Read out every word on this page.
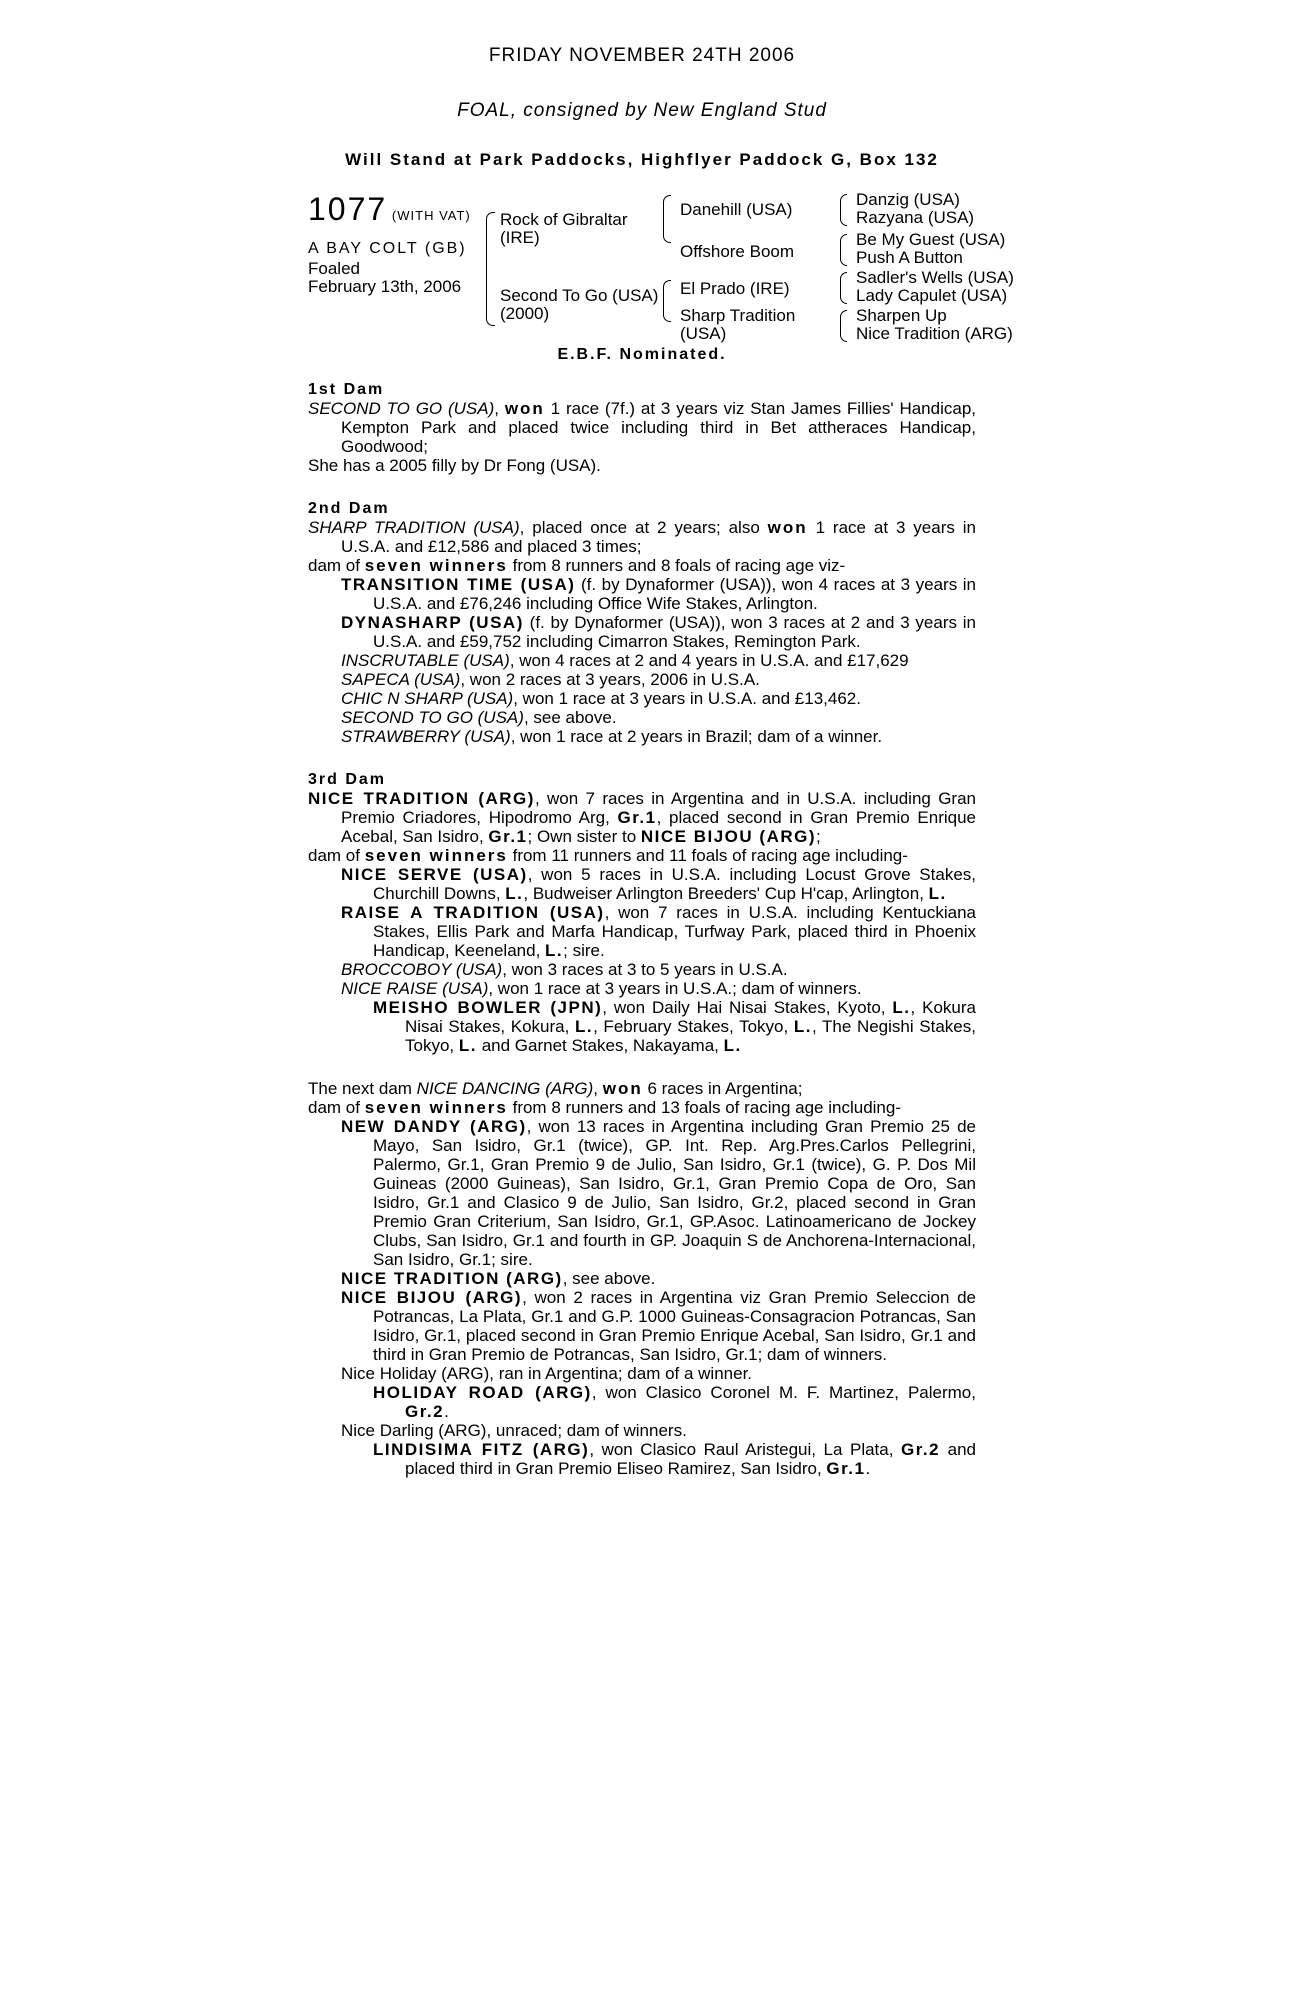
FRIDAY NOVEMBER 24TH 2006
FOAL, consigned by New England Stud
Will Stand at Park Paddocks, Highflyer Paddock G, Box 132
1077 (WITH VAT)
A BAY COLT (GB)
Foaled
February 13th, 2006
Rock of Gibraltar
(IRE)
Second To Go (USA)
(2000)
Danehill (USA)
Offshore Boom
El Prado (IRE)
Sharp Tradition
(USA)
Danzig (USA)
Razyana (USA)
Be My Guest (USA)
Push A Button
Sadler's Wells (USA)
Lady Capulet (USA)
Sharpen Up
Nice Tradition (ARG)
E.B.F. Nominated.

1st Dam

SECOND TO GO (USA), won 1 race (7f.) at 3 years viz Stan James Fillies' Handicap, Kempton Park and placed twice including third in Bet attheraces Handicap, Goodwood;

She has a 2005 filly by Dr Fong (USA).

2nd Dam

SHARP TRADITION (USA), placed once at 2 years; also won 1 race at 3 years in U.S.A. and £12,586 and placed 3 times;

dam of seven winners from 8 runners and 8 foals of racing age viz-

TRANSITION TIME (USA) (f. by Dynaformer (USA)), won 4 races at 3 years in U.S.A. and £76,246 including Office Wife Stakes, Arlington.

DYNASHARP (USA) (f. by Dynaformer (USA)), won 3 races at 2 and 3 years in U.S.A. and £59,752 including Cimarron Stakes, Remington Park.

INSCRUTABLE (USA), won 4 races at 2 and 4 years in U.S.A. and £17,629

SAPECA (USA), won 2 races at 3 years, 2006 in U.S.A.

CHIC N SHARP (USA), won 1 race at 3 years in U.S.A. and £13,462.

SECOND TO GO (USA), see above.

STRAWBERRY (USA), won 1 race at 2 years in Brazil; dam of a winner.

3rd Dam

NICE TRADITION (ARG), won 7 races in Argentina and in U.S.A. including Gran Premio Criadores, Hipodromo Arg, Gr.1, placed second in Gran Premio Enrique Acebal, San Isidro, Gr.1; Own sister to NICE BIJOU (ARG);

dam of seven winners from 11 runners and 11 foals of racing age including-

NICE SERVE (USA), won 5 races in U.S.A. including Locust Grove Stakes, Churchill Downs, L., Budweiser Arlington Breeders' Cup H'cap, Arlington, L.

RAISE A TRADITION (USA), won 7 races in U.S.A. including Kentuckiana Stakes, Ellis Park and Marfa Handicap, Turfway Park, placed third in Phoenix Handicap, Keeneland, L.; sire.

BROCCOBOY (USA), won 3 races at 3 to 5 years in U.S.A.

NICE RAISE (USA), won 1 race at 3 years in U.S.A.; dam of winners.

MEISHO BOWLER (JPN), won Daily Hai Nisai Stakes, Kyoto, L., Kokura Nisai Stakes, Kokura, L., February Stakes, Tokyo, L., The Negishi Stakes, Tokyo, L. and Garnet Stakes, Nakayama, L.

The next dam NICE DANCING (ARG), won 6 races in Argentina;

dam of seven winners from 8 runners and 13 foals of racing age including-

NEW DANDY (ARG), won 13 races in Argentina including Gran Premio 25 de Mayo, San Isidro, Gr.1 (twice), GP. Int. Rep. Arg.Pres.Carlos Pellegrini, Palermo, Gr.1, Gran Premio 9 de Julio, San Isidro, Gr.1 (twice), G. P. Dos Mil Guineas (2000 Guineas), San Isidro, Gr.1, Gran Premio Copa de Oro, San Isidro, Gr.1 and Clasico 9 de Julio, San Isidro, Gr.2, placed second in Gran Premio Gran Criterium, San Isidro, Gr.1, GP.Asoc. Latinoamericano de Jockey Clubs, San Isidro, Gr.1 and fourth in GP. Joaquin S de Anchorena-Internacional, San Isidro, Gr.1; sire.

NICE TRADITION (ARG), see above.

NICE BIJOU (ARG), won 2 races in Argentina viz Gran Premio Seleccion de Potrancas, La Plata, Gr.1 and G.P. 1000 Guineas-Consagracion Potrancas, San Isidro, Gr.1, placed second in Gran Premio Enrique Acebal, San Isidro, Gr.1 and third in Gran Premio de Potrancas, San Isidro, Gr.1; dam of winners.

Nice Holiday (ARG), ran in Argentina; dam of a winner.

HOLIDAY ROAD (ARG), won Clasico Coronel M. F. Martinez, Palermo, Gr.2.

Nice Darling (ARG), unraced; dam of winners.

LINDISIMA FITZ (ARG), won Clasico Raul Aristegui, La Plata, Gr.2 and placed third in Gran Premio Eliseo Ramirez, San Isidro, Gr.1.
